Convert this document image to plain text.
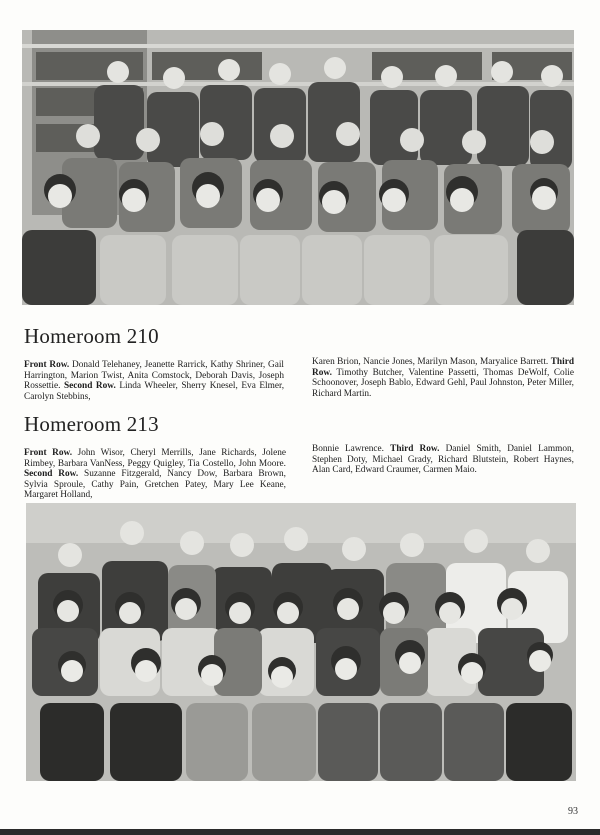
Homeroom 210
Front Row. Donald Telehaney, Jeanette Rarrick, Kathy Shriner, Gail Harrington, Marion Twist, Anita Comstock, Deborah Davis, Joseph Rossettie. Second Row. Linda Wheeler, Sherry Knesel, Eva Elmer, Carolyn Stebbins,
Karen Brion, Nancie Jones, Marilyn Mason, Maryalice Barrett. Third Row. Timothy Butcher, Valentine Passetti, Thomas DeWolf, Colie Schoonover, Joseph Bablo, Edward Gehl, Paul Johnston, Peter Miller, Richard Martin.
Homeroom 213
Front Row. John Wisor, Cheryl Merrills, Jane Richards, Jolene Rimbey, Barbara VanNess, Peggy Quigley, Tia Costello, John Moore. Second Row. Suzanne Fitzgerald, Nancy Dow, Barbara Brown, Sylvia Sproule, Cathy Pain, Gretchen Patey, Mary Lee Keane, Margaret Holland,
Bonnie Lawrence. Third Row. Daniel Smith, Daniel Lammon, Stephen Doty, Michael Grady, Richard Blutstein, Robert Haynes, Alan Card, Edward Craumer, Carmen Maio.
93
